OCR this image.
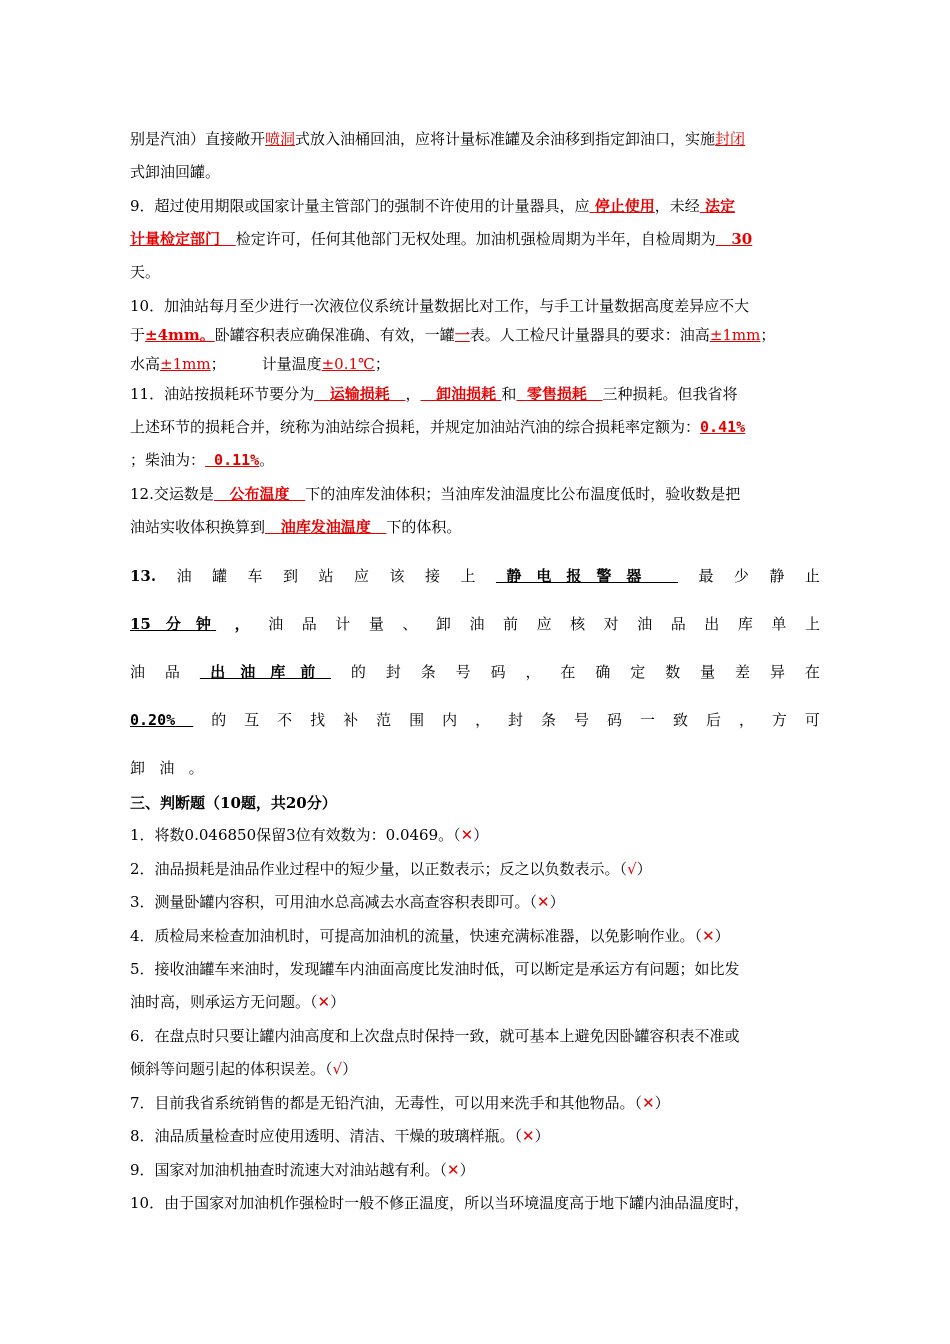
别是汽油）直接敞开喷洞式放入油桶回油，应将计量标准罐及余油移到指定卸油口，实施封闭
式卸油回罐。
9．超过使用期限或国家计量主管部门的强制不许使用的计量器具，应 停止使用，未经 法定
计量检定部门 检定许可，任何其他部门无权处理。加油机强检周期为半年，自检周期为 30
天。
10．加油站每月至少进行一次液位仪系统计量数据比对工作，与手工计量数据高度差异应不大
于±4mm。卧罐容积表应确保准确、有效，一罐一表。人工检尺计量器具的要求：油高±1mm；
水高±1mm； 计量温度±0.1℃；
11．油站按损耗环节要分为 运输损耗 ， 卸油损耗 和 零售损耗 三种损耗。但我省将
上述环节的损耗合并，统称为油站综合损耗，并规定加油站汽油的综合损耗率定额为：0.41%
；柴油为： 0.11%。
12.交运数是 公布温度 下的油库发油体积；当油库发油温度比公布温度低时，验收数是把
油站实收体积换算到 油库发油温度 下的体积。
13. 油 罐 车 到 站 应 该 接 上	静　电　报　警　器	最 少 静 止
15　分　钟	， 油 品 计 量 、 卸 油 前 应 核 对 油 品 出 库 单 上
油 品	出　油　库　前	的 封 条 号 码 ， 在 确 定 数 量 差 异 在
0.20%	的 互 不 找 补 范 围 内 ， 封 条 号 码 一 致 后 ， 方 可
卸 油 。
三、判断题（10题，共20分）
1．将数0.046850保留3位有效数为：0.0469。（✕）
2．油品损耗是油品作业过程中的短少量，以正数表示；反之以负数表示。（√）
3．测量卧罐内容积，可用油水总高减去水高查容积表即可。（✕）
4．质检局来检查加油机时，可提高加油机的流量，快速充满标准器，以免影响作业。（✕）
5．接收油罐车来油时，发现罐车内油面高度比发油时低，可以断定是承运方有问题；如比发
油时高，则承运方无问题。（✕）
6．在盘点时只要让罐内油高度和上次盘点时保持一致，就可基本上避免因卧罐容积表不准或
倾斜等问题引起的体积误差。（√）
7．目前我省系统销售的都是无铅汽油，无毒性，可以用来洗手和其他物品。（✕）
8．油品质量检查时应使用透明、清洁、干燥的玻璃样瓶。（✕）
9．国家对加油机抽查时流速大对油站越有利。（✕）
10．由于国家对加油机作强检时一般不修正温度，所以当环境温度高于地下罐内油品温度时，
